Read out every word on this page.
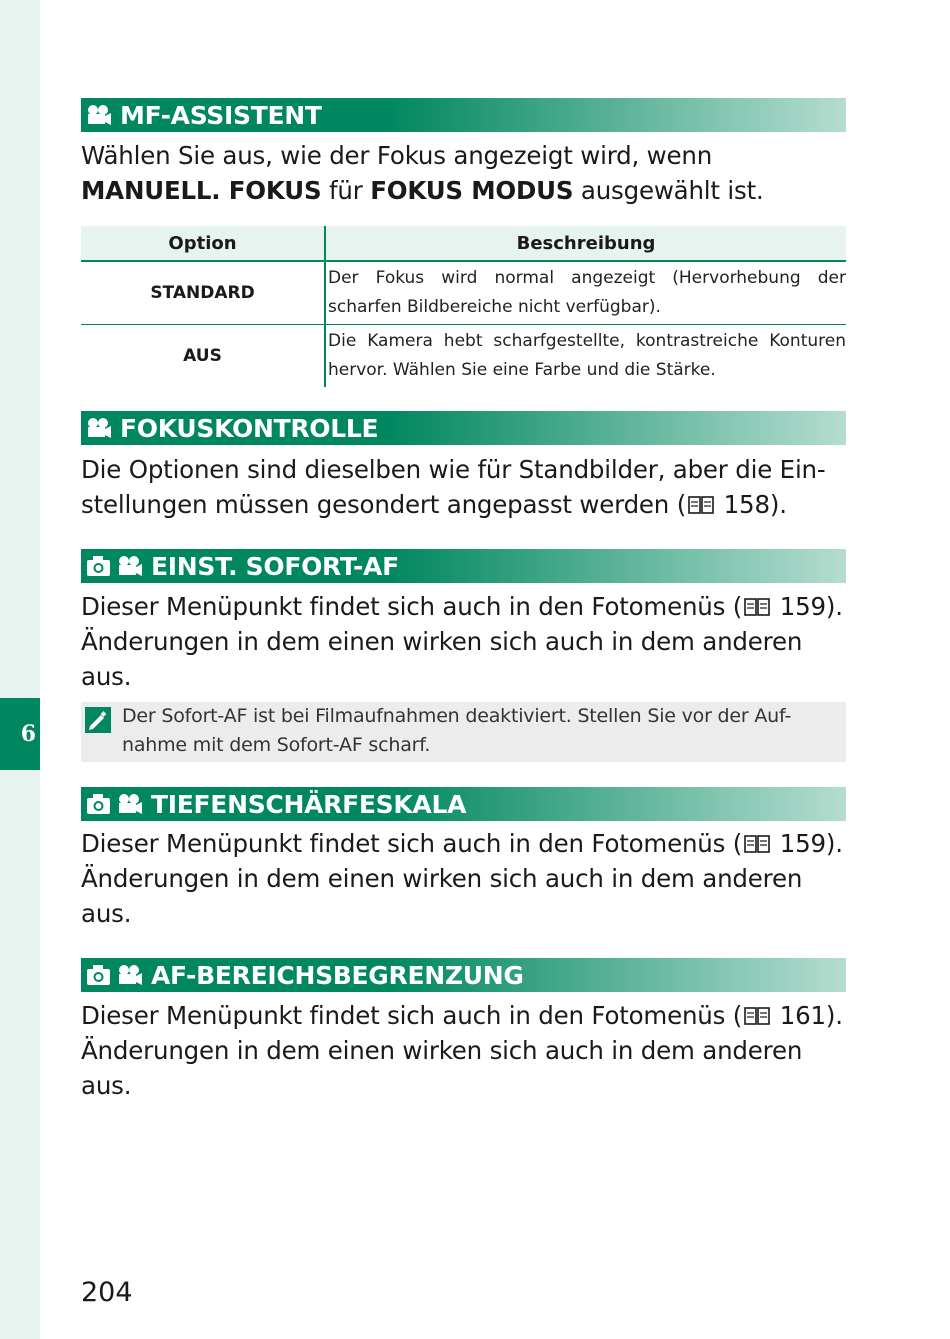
6
MF-ASSISTENT
Wählen Sie aus, wie der Fokus angezeigt wird, wenn MANUELL. FOKUS für FOKUS MODUS ausgewählt ist.
Option	Beschreibung
STANDARD	Der Fokus wird normal angezeigt (Hervorhebung der scharfen Bildbereiche nicht verfügbar).
AUS	Die Kamera hebt scharfgestellte, kontrastreiche Konturen hervor. Wählen Sie eine Farbe und die Stärke.
FOKUSKONTROLLE
Die Optionen sind dieselben wie für Standbilder, aber die Ein-stellungen müssen gesondert angepasst werden ( 158).
EINST. SOFORT-AF
Dieser Menüpunkt findet sich auch in den Fotomenüs ( 159). Änderungen in dem einen wirken sich auch in dem anderen aus.
Der Sofort-AF ist bei Filmaufnahmen deaktiviert. Stellen Sie vor der Auf-nahme mit dem Sofort-AF scharf.
TIEFENSCHÄRFESKALA
Dieser Menüpunkt findet sich auch in den Fotomenüs ( 159). Änderungen in dem einen wirken sich auch in dem anderen aus.
AF-BEREICHSBEGRENZUNG
Dieser Menüpunkt findet sich auch in den Fotomenüs ( 161). Änderungen in dem einen wirken sich auch in dem anderen aus.
204
